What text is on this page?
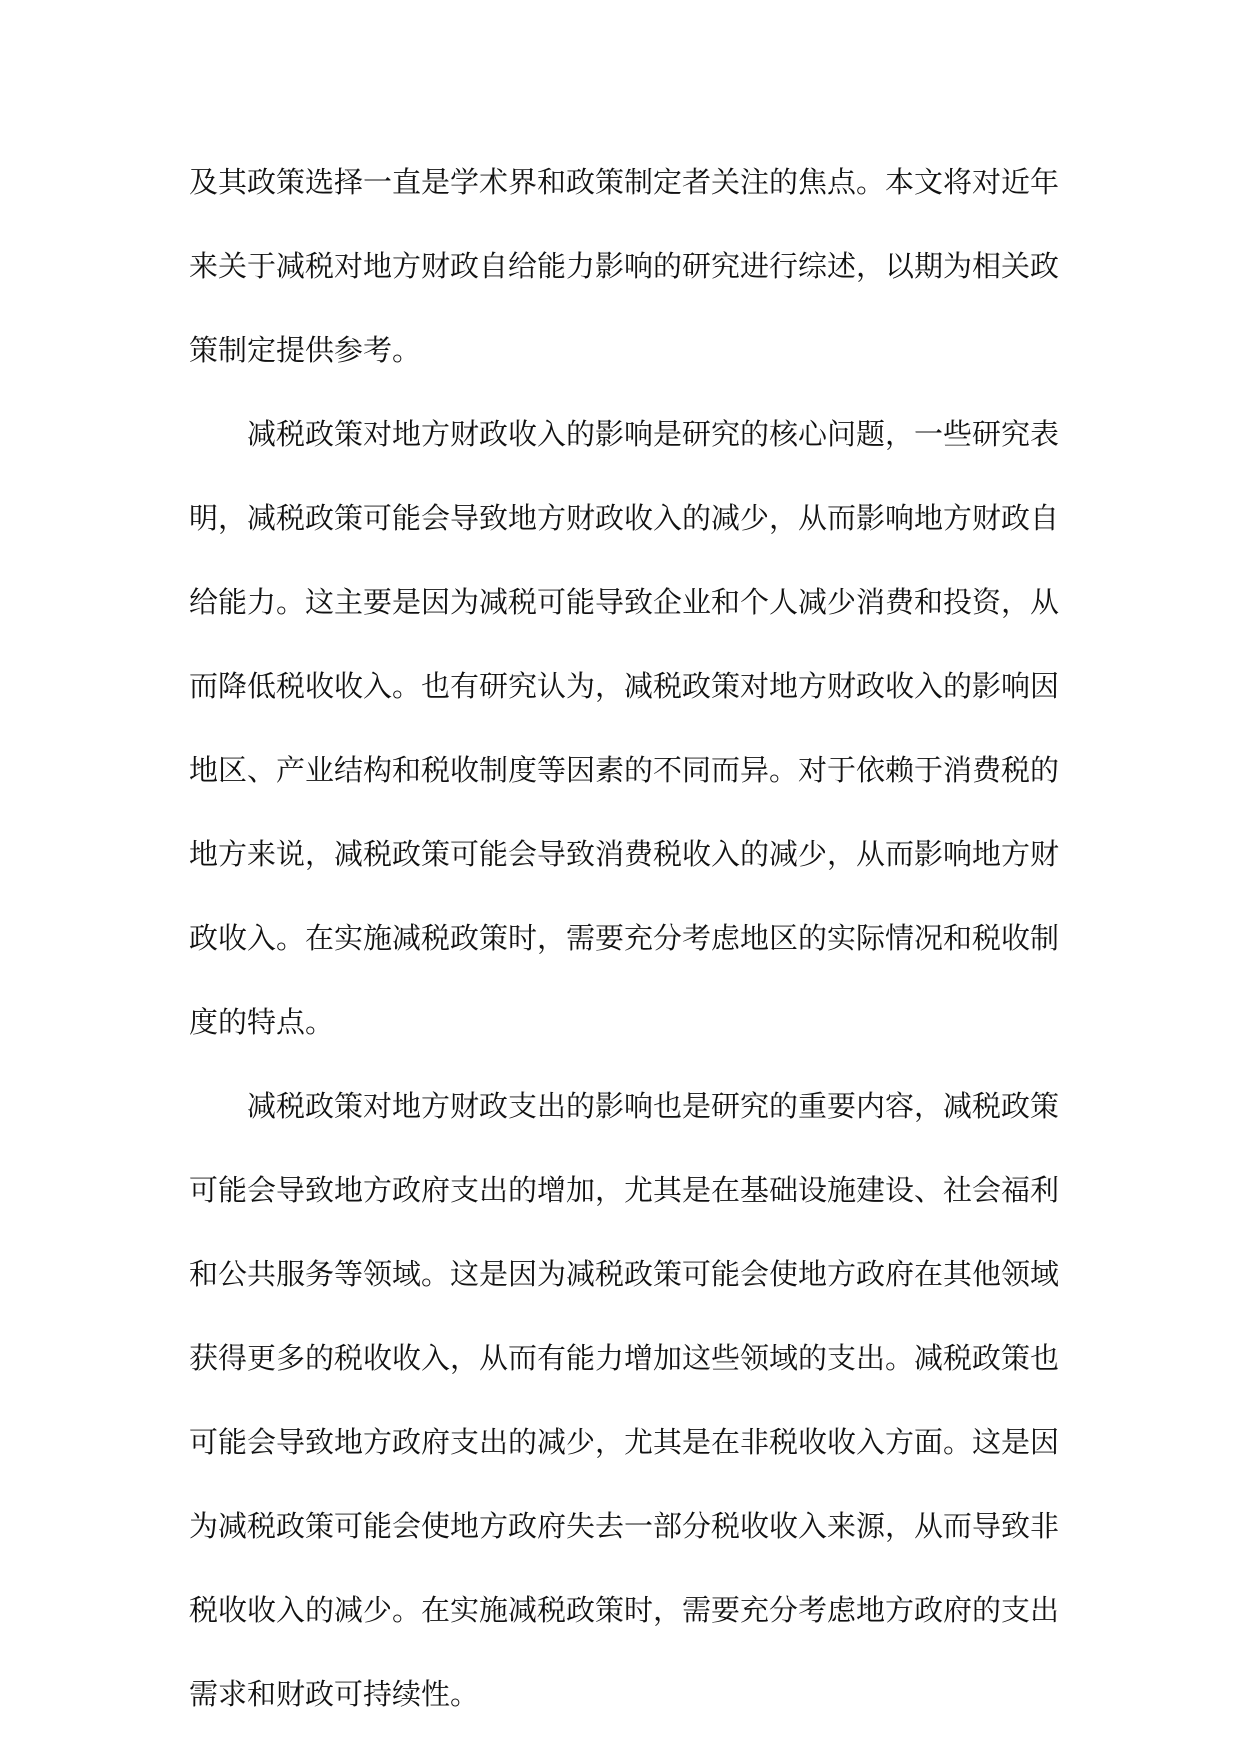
及其政策选择一直是学术界和政策制定者关注的焦点。本文将对近年
来关于减税对地方财政自给能力影响的研究进行综述，以期为相关政
策制定提供参考。
减税政策对地方财政收入的影响是研究的核心问题，一些研究表
明，减税政策可能会导致地方财政收入的减少，从而影响地方财政自
给能力。这主要是因为减税可能导致企业和个人减少消费和投资，从
而降低税收收入。也有研究认为，减税政策对地方财政收入的影响因
地区、产业结构和税收制度等因素的不同而异。对于依赖于消费税的
地方来说，减税政策可能会导致消费税收入的减少，从而影响地方财
政收入。在实施减税政策时，需要充分考虑地区的实际情况和税收制
度的特点。
减税政策对地方财政支出的影响也是研究的重要内容，减税政策
可能会导致地方政府支出的增加，尤其是在基础设施建设、社会福利
和公共服务等领域。这是因为减税政策可能会使地方政府在其他领域
获得更多的税收收入，从而有能力增加这些领域的支出。减税政策也
可能会导致地方政府支出的减少，尤其是在非税收收入方面。这是因
为减税政策可能会使地方政府失去一部分税收收入来源，从而导致非
税收收入的减少。在实施减税政策时，需要充分考虑地方政府的支出
需求和财政可持续性。
